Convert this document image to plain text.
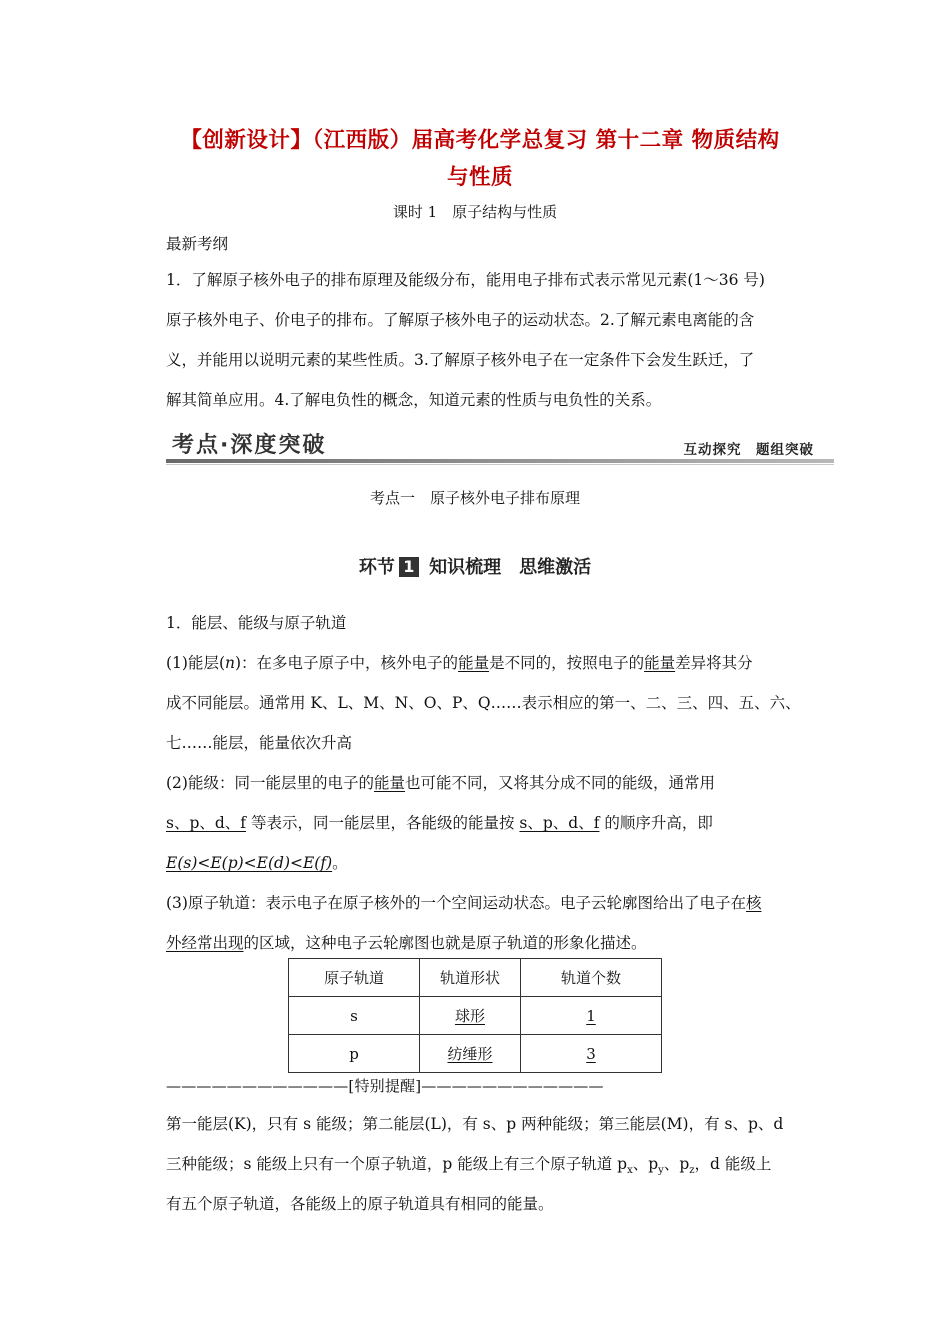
【创新设计】（江西版）届高考化学总复习 第十二章 物质结构
与性质
课时 1　原子结构与性质
最新考纲
1．了解原子核外电子的排布原理及能级分布，能用电子排布式表示常见元素(1～36 号)
原子核外电子、价电子的排布。了解原子核外电子的运动状态。2.了解元素电离能的含
义，并能用以说明元素的某些性质。3.了解原子核外电子在一定条件下会发生跃迁，了
解其简单应用。4.了解电负性的概念，知道元素的性质与电负性的关系。
考点·深度突破	互动探究　题组突破
考点一　原子核外电子排布原理
环节 1 知识梳理　思维激活
1．能层、能级与原子轨道
(1)能层(n)：在多电子原子中，核外电子的能量是不同的，按照电子的能量差异将其分
成不同能层。通常用 K、L、M、N、O、P、Q……表示相应的第一、二、三、四、五、六、
七……能层，能量依次升高
(2)能级：同一能层里的电子的能量也可能不同，又将其分成不同的能级，通常用
s、p、d、f 等表示，同一能层里，各能级的能量按 s、p、d、f 的顺序升高，即
E(s)<E(p)<E(d)<E(f)。
(3)原子轨道：表示电子在原子核外的一个空间运动状态。电子云轮廓图给出了电子在核
外经常出现的区域，这种电子云轮廓图也就是原子轨道的形象化描述。
原子轨道	轨道形状	轨道个数
s	球形	1
p	纺缍形	3
————————————[特别提醒]————————————
第一能层(K)，只有 s 能级；第二能层(L)，有 s、p 两种能级；第三能层(M)，有 s、p、d
三种能级；s 能级上只有一个原子轨道，p 能级上有三个原子轨道 $p_x$、$p_y$、$p_z$，d 能级上
有五个原子轨道，各能级上的原子轨道具有相同的能量。
